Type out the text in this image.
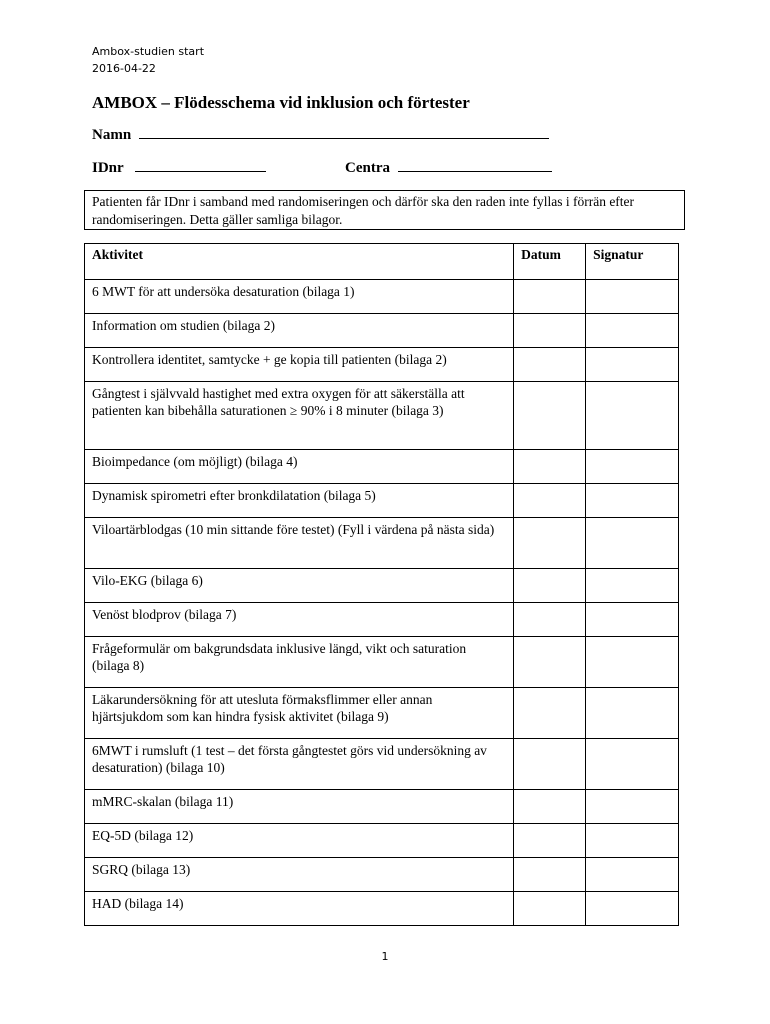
Ambox-studien start
2016-04-22
AMBOX – Flödesschema vid inklusion och förtester
Namn
IDnr	Centra
Patienten får IDnr i samband med randomiseringen och därför ska den raden inte fyllas i förrän efter randomiseringen. Detta gäller samliga bilagor.
Aktivitet	Datum	Signatur
6 MWT för att undersöka desaturation (bilaga 1)		
Information om studien (bilaga 2)		
Kontrollera identitet, samtycke + ge kopia till patienten (bilaga 2)		
Gångtest i självvald hastighet med extra oxygen för att säkerställa att patienten kan bibehålla saturationen ≥ 90% i 8 minuter (bilaga 3)		
Bioimpedance (om möjligt) (bilaga 4)		
Dynamisk spirometri efter bronkdilatation (bilaga 5)		
Viloartärblodgas (10 min sittande före testet) (Fyll i värdena på nästa sida)		
Vilo-EKG (bilaga 6)		
Venöst blodprov (bilaga 7)		
Frågeformulär om bakgrundsdata inklusive längd, vikt och saturation (bilaga 8)		
Läkarundersökning för att utesluta förmaksflimmer eller annan hjärtsjukdom som kan hindra fysisk aktivitet (bilaga 9)		
6MWT i rumsluft (1 test – det första gångtestet görs vid undersökning av desaturation) (bilaga 10)		
mMRC-skalan (bilaga 11)		
EQ-5D (bilaga 12)		
SGRQ (bilaga 13)		
HAD (bilaga 14)		
1
